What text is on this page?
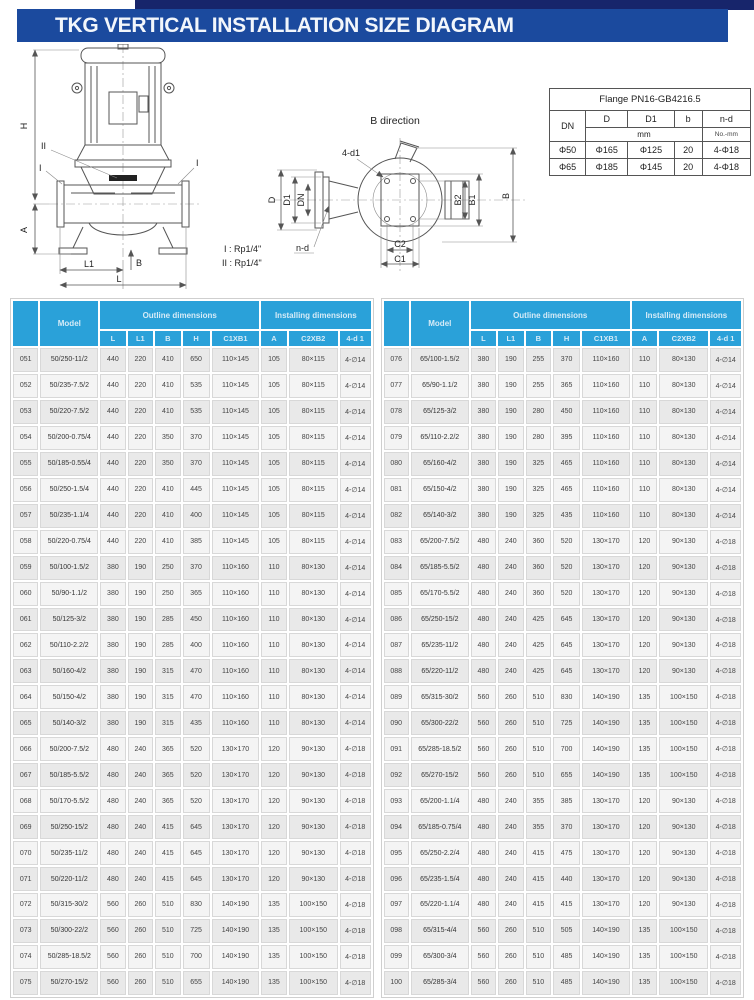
TKG VERTICAL INSTALLATION SIZE DIAGRAM
H
A
L1
L
B
II
I	I
I : Rp1/4"
II : Rp1/4"
B direction
4-d1
n-d
D D1 DN	B2 B1	B
C2
C1
Flange PN16-GB4216.5				
DN	D	D1	b	n-d
	mm			No.-mm
Φ50	Φ165	Φ125	20	4-Φ18
Φ65	Φ185	Φ145	20	4-Φ18
	Model	Outline dimensions					Installing dimensions		
		L	L1	B	H	C1XB1	A	C2XB2	4-d 1
051	50/250-11/2	440	220	410	650	110×145	105	80×115	4-∅14
052	50/235-7.5/2	440	220	410	535	110×145	105	80×115	4-∅14
053	50/220-7.5/2	440	220	410	535	110×145	105	80×115	4-∅14
054	50/200-0.75/4	440	220	350	370	110×145	105	80×115	4-∅14
055	50/185-0.55/4	440	220	350	370	110×145	105	80×115	4-∅14
056	50/250-1.5/4	440	220	410	445	110×145	105	80×115	4-∅14
057	50/235-1.1/4	440	220	410	400	110×145	105	80×115	4-∅14
058	50/220-0.75/4	440	220	410	385	110×145	105	80×115	4-∅14
059	50/100-1.5/2	380	190	250	370	110×160	110	80×130	4-∅14
060	50/90-1.1/2	380	190	250	365	110×160	110	80×130	4-∅14
061	50/125-3/2	380	190	285	450	110×160	110	80×130	4-∅14
062	50/110-2.2/2	380	190	285	400	110×160	110	80×130	4-∅14
063	50/160-4/2	380	190	315	470	110×160	110	80×130	4-∅14
064	50/150-4/2	380	190	315	470	110×160	110	80×130	4-∅14
065	50/140-3/2	380	190	315	435	110×160	110	80×130	4-∅14
066	50/200-7.5/2	480	240	365	520	130×170	120	90×130	4-∅18
067	50/185-5.5/2	480	240	365	520	130×170	120	90×130	4-∅18
068	50/170-5.5/2	480	240	365	520	130×170	120	90×130	4-∅18
069	50/250-15/2	480	240	415	645	130×170	120	90×130	4-∅18
070	50/235-11/2	480	240	415	645	130×170	120	90×130	4-∅18
071	50/220-11/2	480	240	415	645	130×170	120	90×130	4-∅18
072	50/315-30/2	560	260	510	830	140×190	135	100×150	4-∅18
073	50/300-22/2	560	260	510	725	140×190	135	100×150	4-∅18
074	50/285-18.5/2	560	260	510	700	140×190	135	100×150	4-∅18
075	50/270-15/2	560	260	510	655	140×190	135	100×150	4-∅18
	Model	Outline dimensions					Installing dimensions		
		L	L1	B	H	C1XB1	A	C2XB2	4-d 1
076	65/100-1.5/2	380	190	255	370	110×160	110	80×130	4-∅14
077	65/90-1.1/2	380	190	255	365	110×160	110	80×130	4-∅14
078	65/125-3/2	380	190	280	450	110×160	110	80×130	4-∅14
079	65/110-2.2/2	380	190	280	395	110×160	110	80×130	4-∅14
080	65/160-4/2	380	190	325	465	110×160	110	80×130	4-∅14
081	65/150-4/2	380	190	325	465	110×160	110	80×130	4-∅14
082	65/140-3/2	380	190	325	435	110×160	110	80×130	4-∅14
083	65/200-7.5/2	480	240	360	520	130×170	120	90×130	4-∅18
084	65/185-5.5/2	480	240	360	520	130×170	120	90×130	4-∅18
085	65/170-5.5/2	480	240	360	520	130×170	120	90×130	4-∅18
086	65/250-15/2	480	240	425	645	130×170	120	90×130	4-∅18
087	65/235-11/2	480	240	425	645	130×170	120	90×130	4-∅18
088	65/220-11/2	480	240	425	645	130×170	120	90×130	4-∅18
089	65/315-30/2	560	260	510	830	140×190	135	100×150	4-∅18
090	65/300-22/2	560	260	510	725	140×190	135	100×150	4-∅18
091	65/285-18.5/2	560	260	510	700	140×190	135	100×150	4-∅18
092	65/270-15/2	560	260	510	655	140×190	135	100×150	4-∅18
093	65/200-1.1/4	480	240	355	385	130×170	120	90×130	4-∅18
094	65/185-0.75/4	480	240	355	370	130×170	120	90×130	4-∅18
095	65/250-2.2/4	480	240	415	475	130×170	120	90×130	4-∅18
096	65/235-1.5/4	480	240	415	440	130×170	120	90×130	4-∅18
097	65/220-1.1/4	480	240	415	415	130×170	120	90×130	4-∅18
098	65/315-4/4	560	260	510	505	140×190	135	100×150	4-∅18
099	65/300-3/4	560	260	510	485	140×190	135	100×150	4-∅18
100	65/285-3/4	560	260	510	485	140×190	135	100×150	4-∅18
